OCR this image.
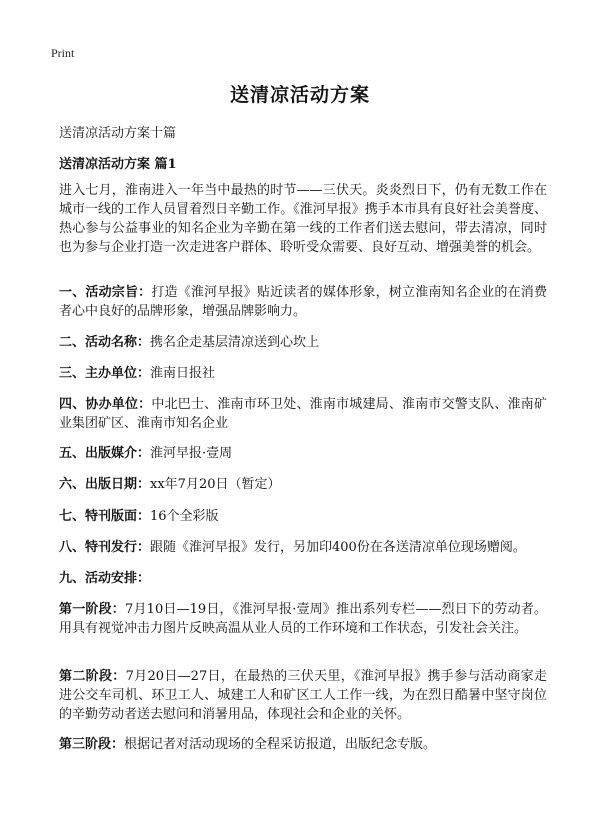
Print
送清凉活动方案
送清凉活动方案十篇
送清凉活动方案 篇1
进入七月，淮南进入一年当中最热的时节——三伏天。炎炎烈日下，仍有无数工作在城市一线的工作人员冒着烈日辛勤工作。《淮河早报》携手本市具有良好社会美誉度、热心参与公益事业的知名企业为辛勤在第一线的工作者们送去慰问，带去清凉，同时也为参与企业打造一次走进客户群体、聆听受众需要、良好互动、增强美誉的机会。
一、活动宗旨：打造《淮河早报》贴近读者的媒体形象，树立淮南知名企业的在消费者心中良好的品牌形象，增强品牌影响力。
二、活动名称：携名企走基层清凉送到心坎上
三、主办单位：淮南日报社
四、协办单位：中北巴士、淮南市环卫处、淮南市城建局、淮南市交警支队、淮南矿业集团矿区、淮南市知名企业
五、出版媒介：淮河早报·壹周
六、出版日期：xx年7月20日（暂定）
七、特刊版面：16个全彩版
八、特刊发行：跟随《淮河早报》发行，另加印400份在各送清凉单位现场赠阅。
九、活动安排：
第一阶段：7月10日—19日，《淮河早报·壹周》推出系列专栏——烈日下的劳动者。用具有视觉冲击力图片反映高温从业人员的工作环境和工作状态，引发社会关注。
第二阶段：7月20日—27日，在最热的三伏天里，《淮河早报》携手参与活动商家走进公交车司机、环卫工人、城建工人和矿区工人工作一线，为在烈日酷暑中坚守岗位的辛勤劳动者送去慰问和消暑用品，体现社会和企业的关怀。
第三阶段：根据记者对活动现场的全程采访报道，出版纪念专版。
